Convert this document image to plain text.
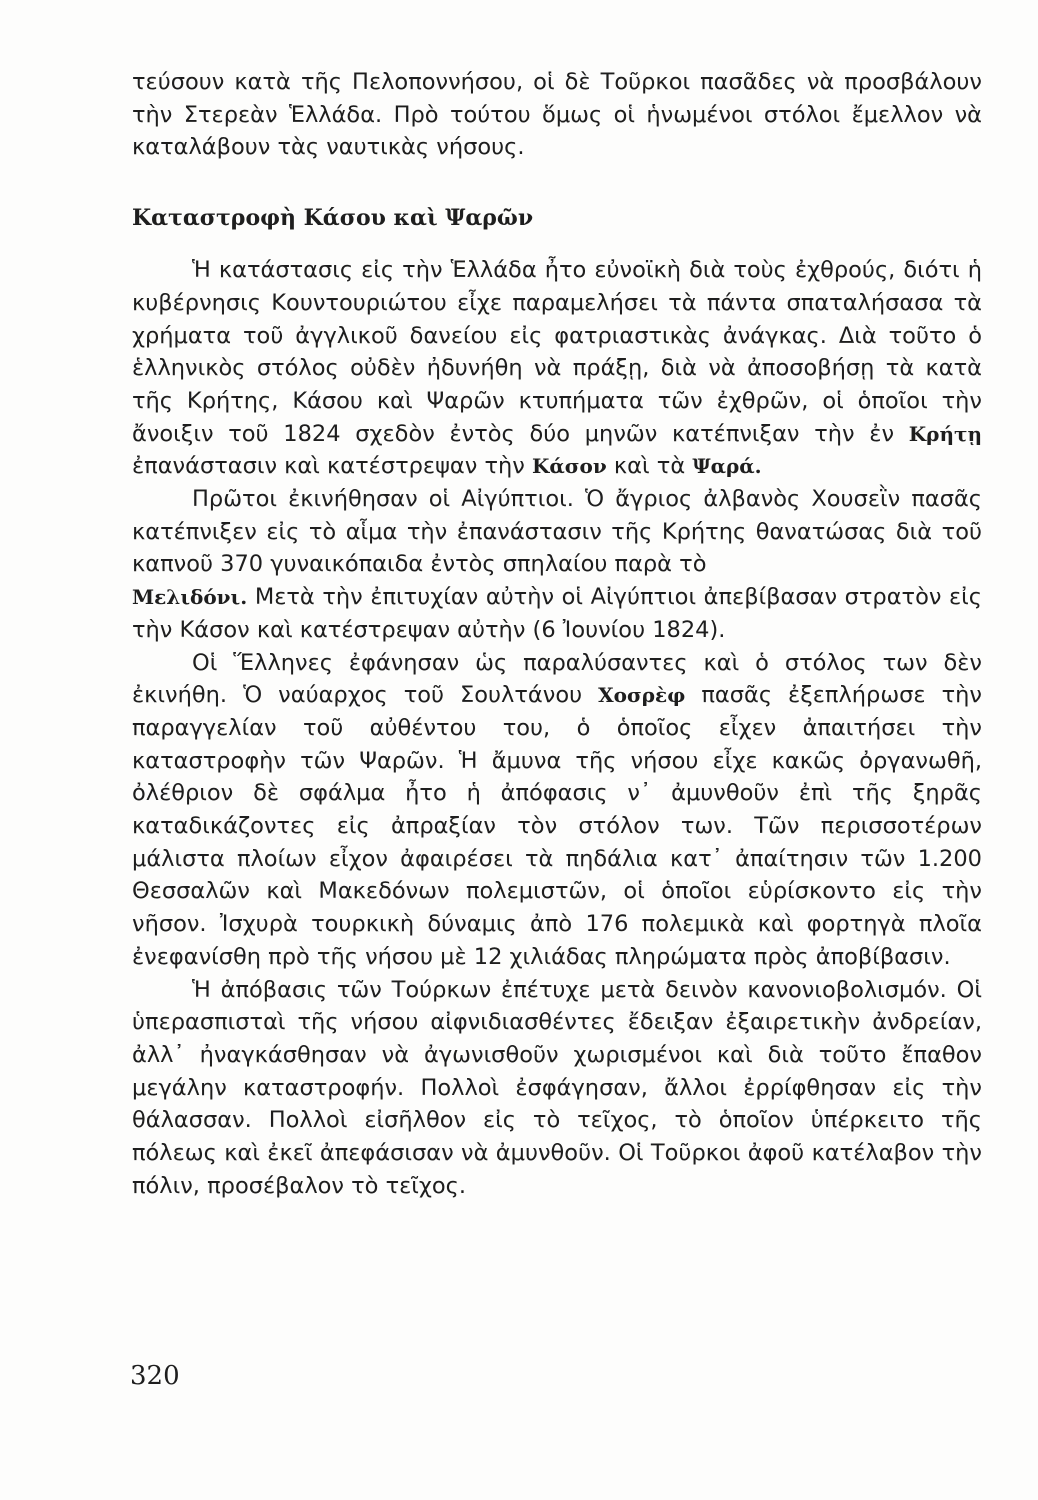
τεύσουν κατὰ τῆς Πελοποννήσου, οἱ δὲ Τοῦρκοι πασᾶδες νὰ προσβάλουν τὴν Στερεὰν Ἑλλάδα. Πρὸ τούτου ὅμως οἱ ἡνωμένοι στόλοι ἔμελλον νὰ καταλάβουν τὰς ναυτικὰς νήσους.

Καταστροφὴ Κάσου καὶ Ψαρῶν

Ἡ κατάστασις εἰς τὴν Ἑλλάδα ἦτο εὐνοϊκὴ διὰ τοὺς ἐχθρούς, διότι ἡ κυβέρνησις Κουντουριώτου εἶχε παραμελήσει τὰ πάντα σπαταλήσασα τὰ χρήματα τοῦ ἀγγλικοῦ δανείου εἰς φατριαστικὰς ἀνάγκας. Διὰ τοῦτο ὁ ἑλληνικὸς στόλος οὐδὲν ἠδυνήθη νὰ πράξῃ, διὰ νὰ ἀποσοβήσῃ τὰ κατὰ τῆς Κρήτης, Κάσου καὶ Ψαρῶν κτυπήματα τῶν ἐχθρῶν, οἱ ὁποῖοι τὴν ἄνοιξιν τοῦ 1824 σχεδὸν ἐντὸς δύο μηνῶν κατέπνιξαν τὴν ἐν Κρήτῃ ἐπανάστασιν καὶ κατέστρεψαν τὴν Κάσον καὶ τὰ Ψαρά.

Πρῶτοι ἐκινήθησαν οἱ Αἰγύπτιοι. Ὁ ἄγριος ἀλβανὸς Χουσεῒν πασᾶς κατέπνιξεν εἰς τὸ αἷμα τὴν ἐπανάστασιν τῆς Κρήτης θανατώσας διὰ τοῦ καπνοῦ 370 γυναικόπαιδα ἐντὸς σπηλαίου παρὰ τὸ
Μελιδόνι. Μετὰ τὴν ἐπιτυχίαν αὐτὴν οἱ Αἰγύπτιοι ἀπεβίβασαν στρατὸν εἰς τὴν Κάσον καὶ κατέστρεψαν αὐτὴν (6 Ἰουνίου 1824).

Οἱ Ἕλληνες ἐφάνησαν ὡς παραλύσαντες καὶ ὁ στόλος των δὲν ἐκινήθη. Ὁ ναύαρχος τοῦ Σουλτάνου Χοσρὲφ πασᾶς ἐξεπλήρωσε τὴν παραγγελίαν τοῦ αὐθέντου του, ὁ ὁποῖος εἶχεν ἀπαιτήσει τὴν καταστροφὴν τῶν Ψαρῶν. Ἡ ἄμυνα τῆς νήσου εἶχε κακῶς ὀργανωθῆ, ὀλέθριον δὲ σφάλμα ἦτο ἡ ἀπόφασις ν᾿ ἀμυνθοῦν ἐπὶ τῆς ξηρᾶς καταδικάζοντες εἰς ἀπραξίαν τὸν στόλον των. Τῶν περισσοτέρων μάλιστα πλοίων εἶχον ἀφαιρέσει τὰ πηδάλια κατ᾿ ἀπαίτησιν τῶν 1.200 Θεσσαλῶν καὶ Μακεδόνων πολεμιστῶν, οἱ ὁποῖοι εὑρίσκοντο εἰς τὴν νῆσον. Ἰσχυρὰ τουρκικὴ δύναμις ἀπὸ 176 πολεμικὰ καὶ φορτηγὰ πλοῖα ἐνεφανίσθη πρὸ τῆς νήσου μὲ 12 χιλιάδας πληρώματα πρὸς ἀποβίβασιν.

Ἡ ἀπόβασις τῶν Τούρκων ἐπέτυχε μετὰ δεινὸν κανονιοβολισμόν. Οἱ ὑπερασπισταὶ τῆς νήσου αἰφνιδιασθέντες ἔδειξαν ἐξαιρετικὴν ἀνδρείαν, ἀλλ᾿ ἠναγκάσθησαν νὰ ἀγωνισθοῦν χωρισμένοι καὶ διὰ τοῦτο ἔπαθον μεγάλην καταστροφήν. Πολλοὶ ἐσφάγησαν, ἄλλοι ἐρρίφθησαν εἰς τὴν θάλασσαν. Πολλοὶ εἰσῆλθον εἰς τὸ τεῖχος, τὸ ὁποῖον ὑπέρκειτο τῆς πόλεως καὶ ἐκεῖ ἀπεφάσισαν νὰ ἀμυνθοῦν. Οἱ Τοῦρκοι ἀφοῦ κατέλαβον τὴν πόλιν, προσέβαλον τὸ τεῖχος.

320
